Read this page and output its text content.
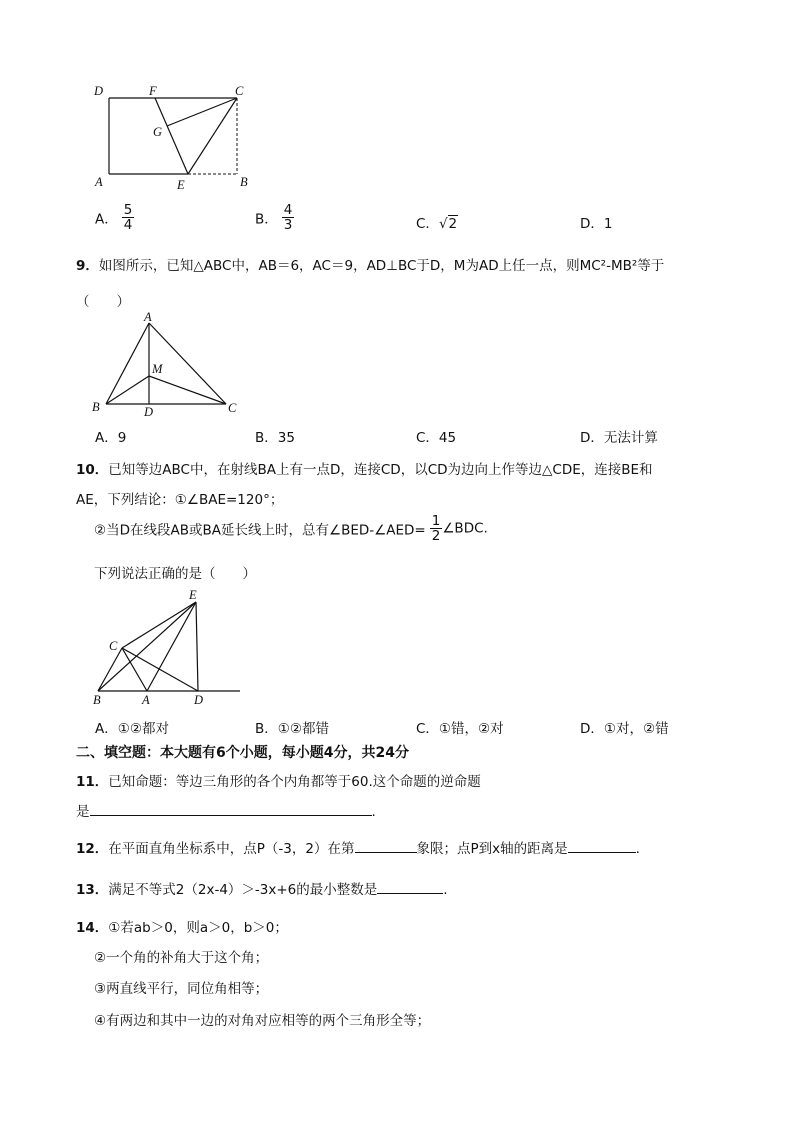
D	F	C
G
A	E	B
A． $\frac{5}{4}$	B． $\frac{4}{3}$	C．√2	D．1
9．如图所示，已知△ABC中，AB＝6，AC＝9，AD⊥BC于D，M为AD上任一点，则MC²-MB²等于
（　　）
A
M
B	D	C
A．9	B．35	C．45	D．无法计算
10．已知等边ABC中，在射线BA上有一点D，连接CD，以CD为边向上作等边△CDE，连接BE和
AE，下列结论：①∠BAE=120°；
②当D在线段AB或BA延长线上时，总有∠BED-∠AED= $\frac{1}{2}$ ∠BDC.
下列说法正确的是（　　）
E
C
B	A	D
A．①②都对	B．①②都错	C．①错，②对	D．①对，②错
二、填空题：本大题有6个小题，每小题4分，共24分
11．已知命题：等边三角形的各个内角都等于60.这个命题的逆命题
是	.
12．在平面直角坐标系中，点P（-3，2）在第	象限；点P到x轴的距离是	.
13．满足不等式2（2x-4）＞-3x+6的最小整数是	.
14．①若ab＞0，则a＞0，b＞0；
②一个角的补角大于这个角；
③两直线平行，同位角相等；
④有两边和其中一边的对角对应相等的两个三角形全等；
